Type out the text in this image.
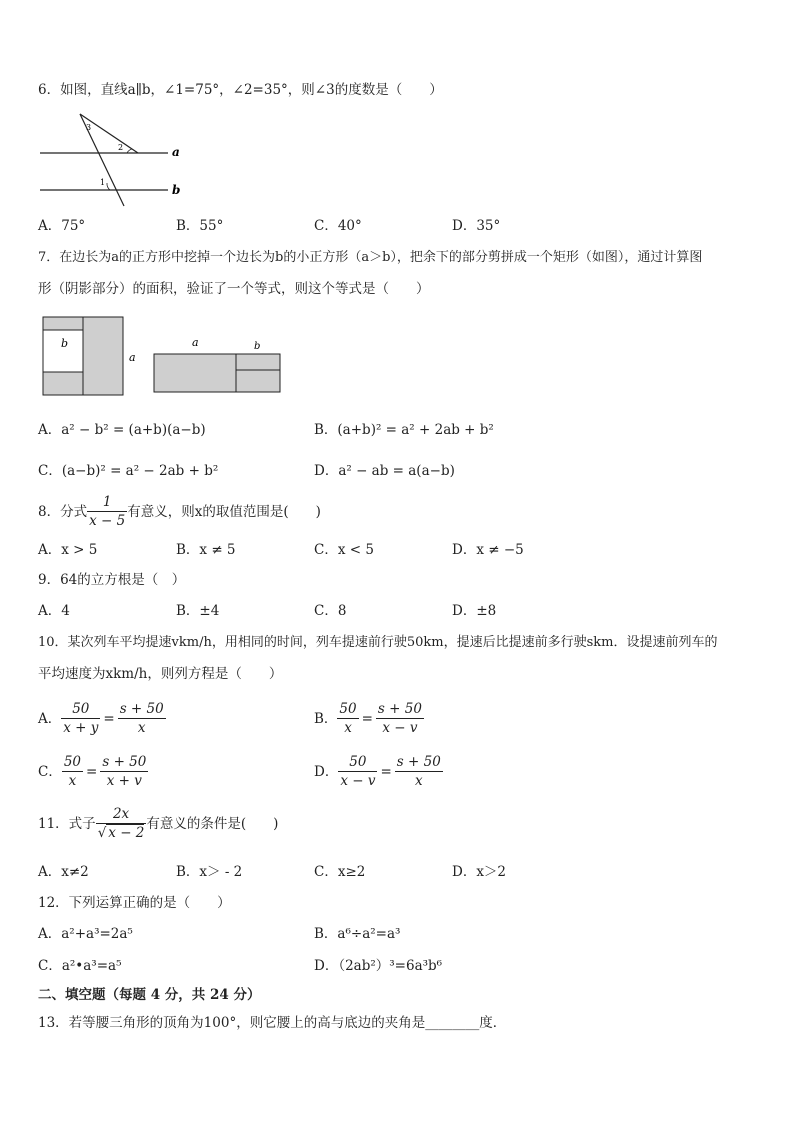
6．如图，直线a∥b，∠1=75°，∠2=35°，则∠3的度数是（　　）
3
2
1
a
b
A．75°	B．55°	C．40°	D．35°
7．在边长为a的正方形中挖掉一个边长为b的小正方形（a＞b），把余下的部分剪拼成一个矩形（如图），通过计算图
形（阴影部分）的面积，验证了一个等式，则这个等式是（　　）
b
a
a	b
A．a² − b² = (a+b)(a−b)	B．(a+b)² = a² + 2ab + b²
C．(a−b)² = a² − 2ab + b²	D．a² − ab = a(a−b)
8．分式 $\frac{1}{x - 5}$ 有意义，则x的取值范围是(　　)
A．x > 5	B．x ≠ 5	C．x < 5	D．x ≠ −5
9．64的立方根是（　）
A．4	B．±4	C．8	D．±8
10．某次列车平均提速vkm/h，用相同的时间，列车提速前行驶50km，提速后比提速前多行驶skm．设提速前列车的
平均速度为xkm/h，则列方程是（　　）
A． $\frac{50}{x + y} = \frac{s + 50}{x}$	B． $\frac{50}{x} = \frac{s + 50}{x - v}$
C． $\frac{50}{x} = \frac{s + 50}{x + v}$	D． $\frac{50}{x - v} = \frac{s + 50}{x}$
11．式子 $\frac{2x}{√ x - 2}$ 有意义的条件是(　　)
A．x≠2	B．x＞ - 2	C．x≥2	D．x＞2
12．下列运算正确的是（　　）
A．a²+a³=2a⁵	B．a⁶÷a²=a³
C．a²•a³=a⁵	D．（2ab²）³=6a³b⁶
二、填空题（每题 4 分，共 24 分）
13．若等腰三角形的顶角为100°，则它腰上的高与底边的夹角是________度．
